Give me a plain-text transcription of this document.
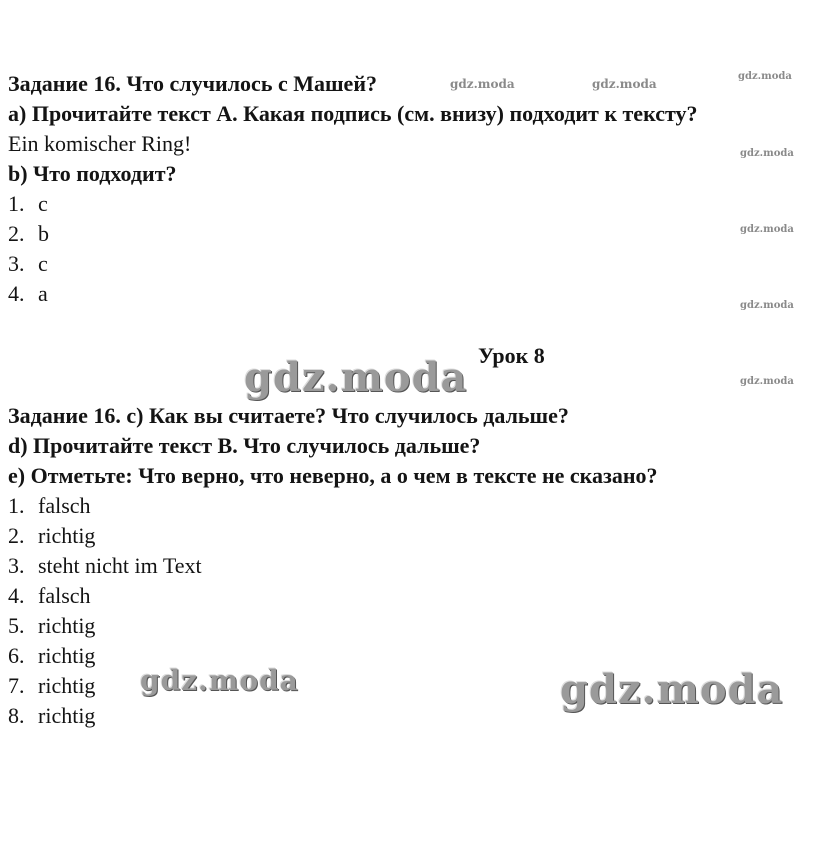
Задание 16. Что случилось с Машей?
a) Прочитайте текст А. Какая подпись (см. внизу) подходит к тексту?
Ein komischer Ring!
b) Что подходит?
1. c
2. b
3. c
4. a
Урок 8
Задание 16. c) Как вы считаете? Что случилось дальше?
d) Прочитайте текст B. Что случилось дальше?
e) Отметьте: Что верно, что неверно, а о чем в тексте не сказано?
1. falsch
2. richtig
3. steht nicht im Text
4. falsch
5. richtig
6. richtig
7. richtig
8. richtig
gdz.moda	gdz.moda
gdz.moda
gdz.moda
gdz.moda
gdz.moda
gdz.moda
gdz.moda
gdz.moda	gdz.moda
